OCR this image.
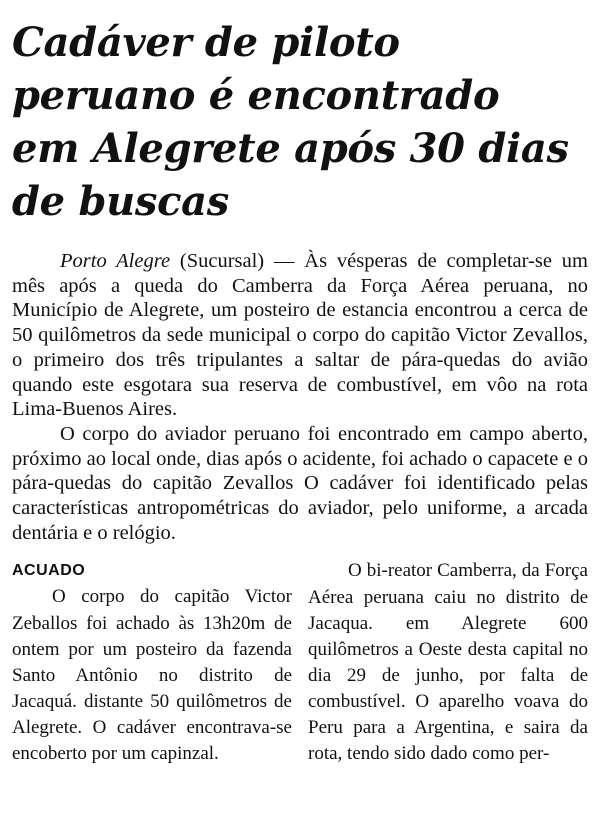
Cadáver de piloto peruano é encontrado em Alegrete após 30 dias de buscas

Porto Alegre (Sucursal) — Às vésperas de completar-se um mês após a queda do Camberra da Força Aérea peruana, no Município de Alegrete, um posteiro de estancia encontrou a cerca de 50 quilômetros da sede municipal o corpo do capitão Victor Zevallos, o primeiro dos três tripulantes a saltar de pára-quedas do avião quando este esgotara sua reserva de combustível, em vôo na rota Lima-Buenos Aires.

O corpo do aviador peruano foi encontrado em campo aberto, próximo ao local onde, dias após o acidente, foi achado o capacete e o pára-quedas do capitão Zevallos O cadáver foi identificado pelas características antropométricas do aviador, pelo uniforme, a arcada dentária e o relógio.

ACUADO

O corpo do capitão Victor Zeballos foi achado às 13h20m de ontem por um posteiro da fazenda Santo Antônio no distrito de Jacaquá. distante 50 quilômetros de Alegrete. O cadáver encontrava-se encoberto por um capinzal.

O bi-reator Camberra, da Força Aérea peruana caiu no distrito de Jacaqua. em Alegrete 600 quilômetros a Oeste desta capital no dia 29 de junho, por falta de combustível. O aparelho voava do Peru para a Argentina, e saira da rota, tendo sido dado como per-
